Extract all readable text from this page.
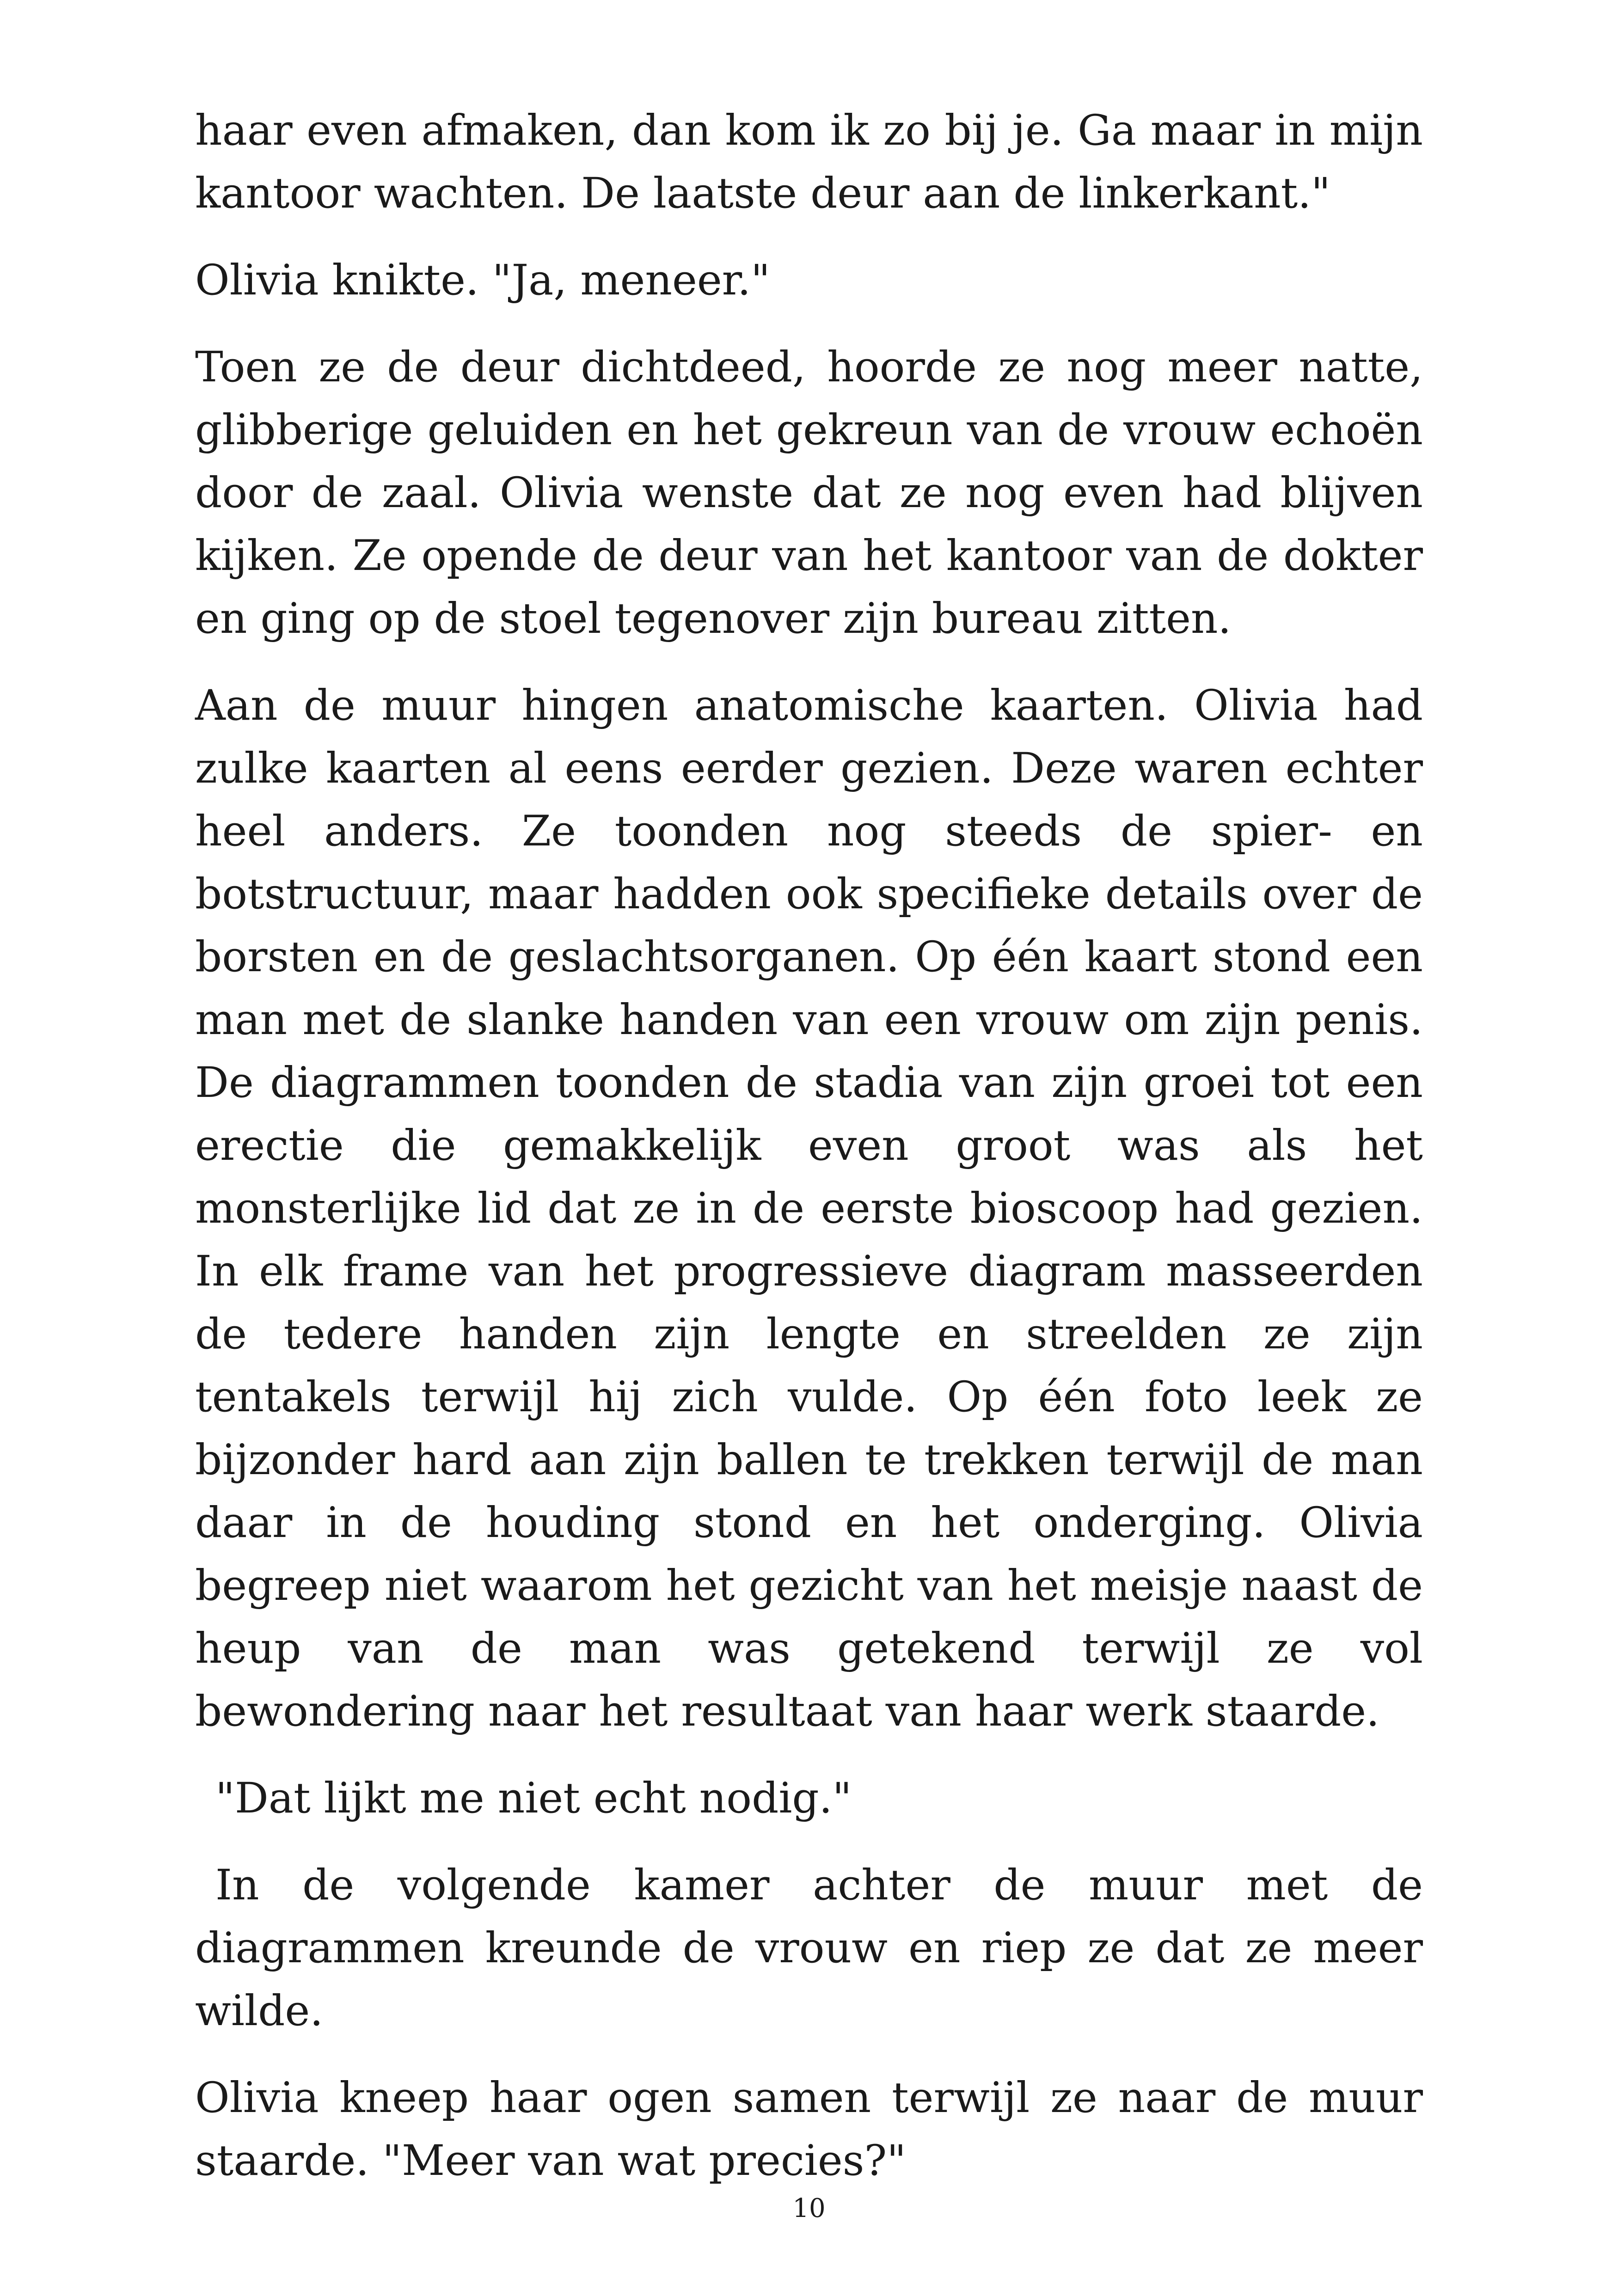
haar even afmaken, dan kom ik zo bij je. Ga maar in mijn kantoor wachten. De laatste deur aan de linkerkant."

Olivia knikte. "Ja, meneer."

Toen ze de deur dichtdeed, hoorde ze nog meer natte, glibberige geluiden en het gekreun van de vrouw echoën door de zaal. Olivia wenste dat ze nog even had blijven kijken. Ze opende de deur van het kantoor van de dokter en ging op de stoel tegenover zijn bureau zitten.

Aan de muur hingen anatomische kaarten. Olivia had zulke kaarten al eens eerder gezien. Deze waren echter heel anders. Ze toonden nog steeds de spier- en botstructuur, maar hadden ook specifieke details over de borsten en de geslachtsorganen. Op één kaart stond een man met de slanke handen van een vrouw om zijn penis. De diagrammen toonden de stadia van zijn groei tot een erectie die gemakkelijk even groot was als het monsterlijke lid dat ze in de eerste bioscoop had gezien. In elk frame van het progressieve diagram masseerden de tedere handen zijn lengte en streelden ze zijn tentakels terwijl hij zich vulde. Op één foto leek ze bijzonder hard aan zijn ballen te trekken terwijl de man daar in de houding stond en het onderging. Olivia begreep niet waarom het gezicht van het meisje naast de heup van de man was getekend terwijl ze vol bewondering naar het resultaat van haar werk staarde.

"Dat lijkt me niet echt nodig."

In de volgende kamer achter de muur met de diagrammen kreunde de vrouw en riep ze dat ze meer wilde.

Olivia kneep haar ogen samen terwijl ze naar de muur staarde. "Meer van wat precies?"

10
